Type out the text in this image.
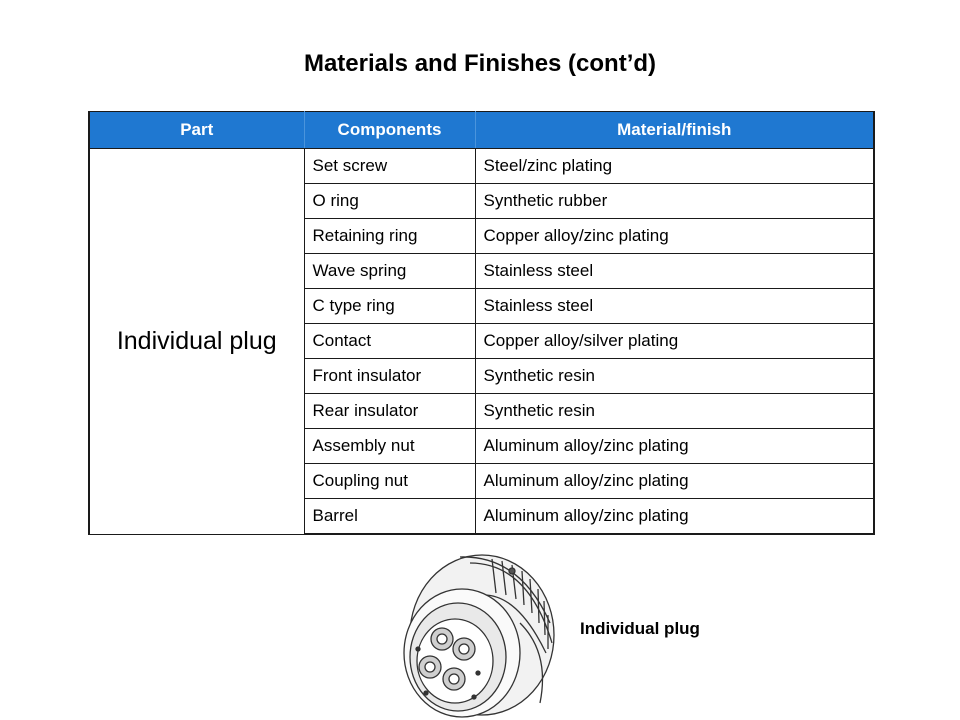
Materials and Finishes (cont’d)
Part	Components	Material/finish
Individual plug	Set screw	Steel/zinc plating
	O ring	Synthetic rubber
	Retaining ring	Copper alloy/zinc plating
	Wave spring	Stainless steel
	C type ring	Stainless steel
	Contact	Copper alloy/silver plating
	Front insulator	Synthetic resin
	Rear insulator	Synthetic resin
	Assembly nut	Aluminum alloy/zinc plating
	Coupling nut	Aluminum alloy/zinc plating
	Barrel	Aluminum alloy/zinc plating
Individual plug
